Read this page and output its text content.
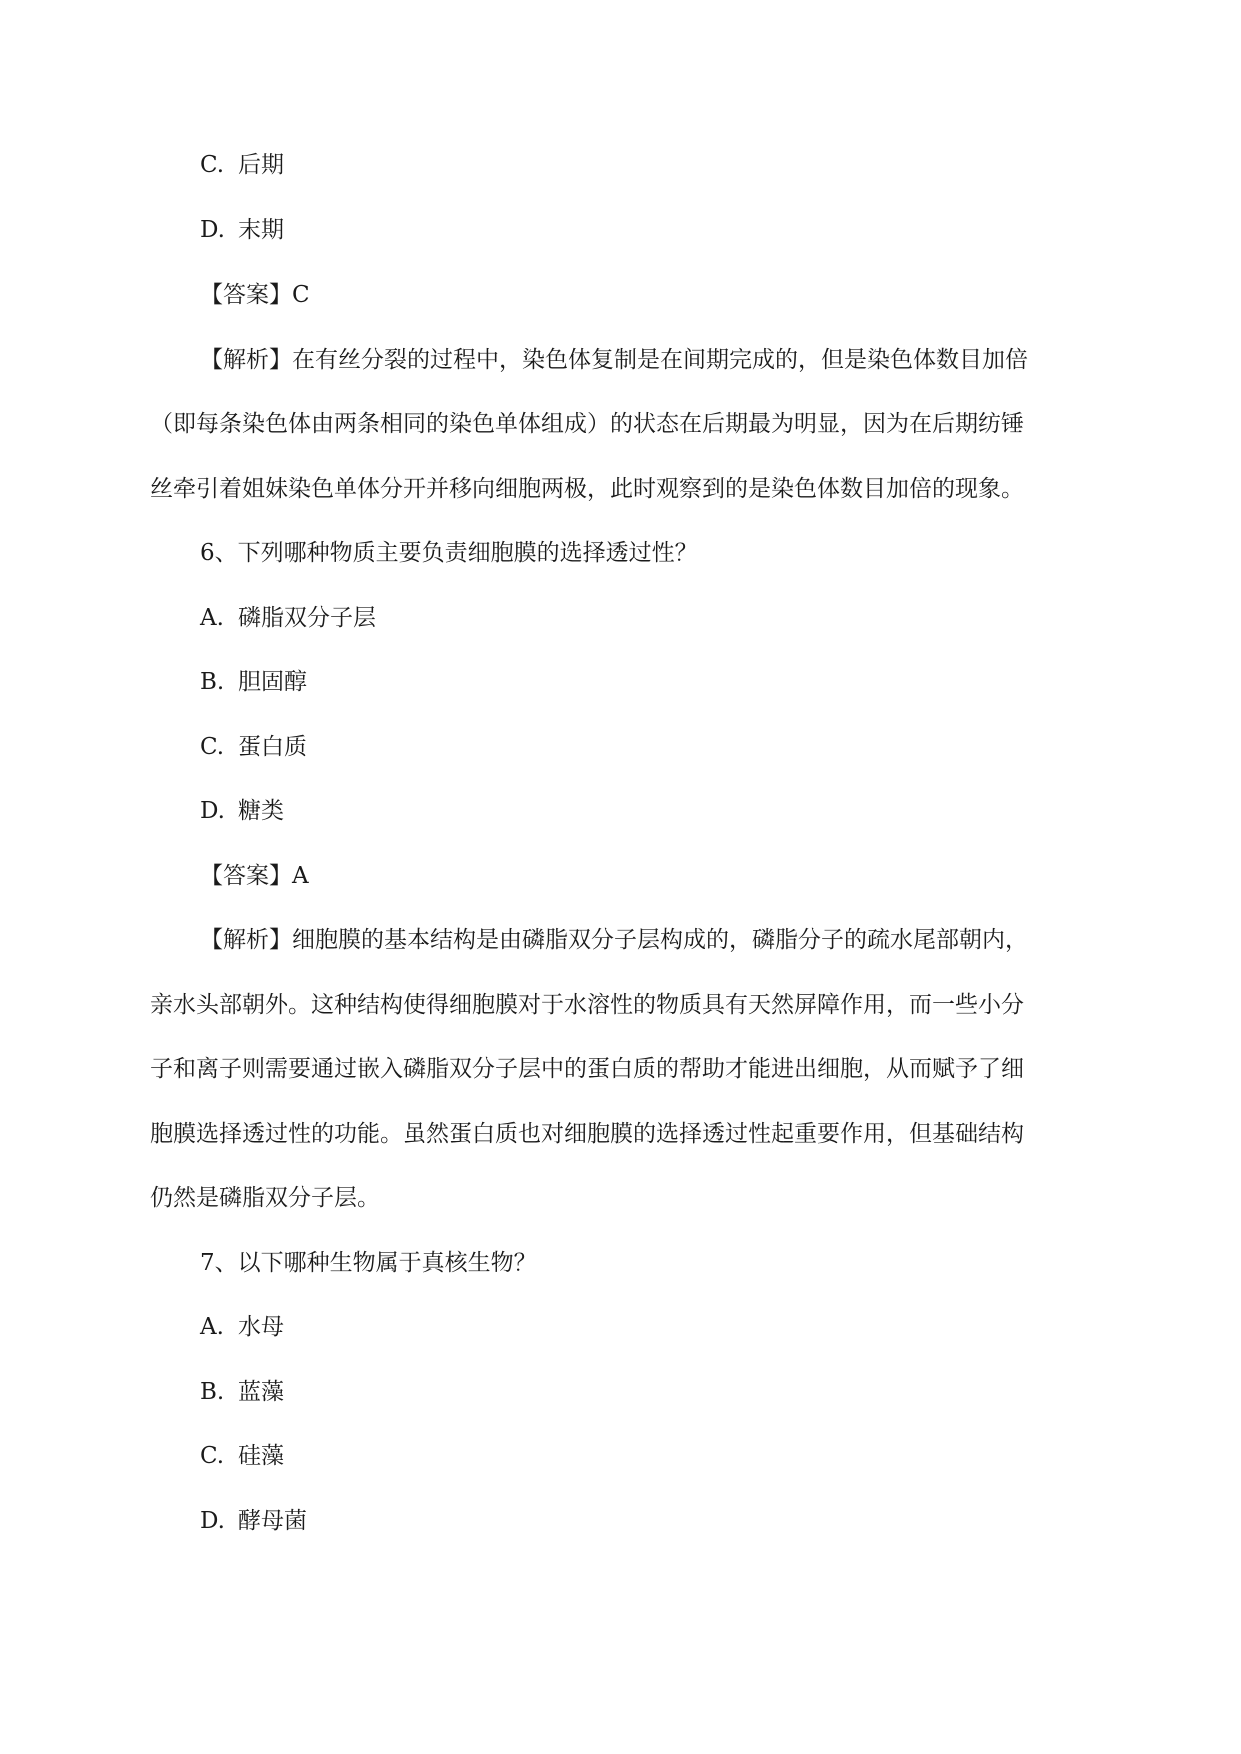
C. 后期
D. 末期
【答案】C
【解析】在有丝分裂的过程中，染色体复制是在间期完成的，但是染色体数目加倍
（即每条染色体由两条相同的染色单体组成）的状态在后期最为明显，因为在后期纺锤
丝牵引着姐妹染色单体分开并移向细胞两极，此时观察到的是染色体数目加倍的现象。
6、下列哪种物质主要负责细胞膜的选择透过性？
A. 磷脂双分子层
B. 胆固醇
C. 蛋白质
D. 糖类
【答案】A
【解析】细胞膜的基本结构是由磷脂双分子层构成的，磷脂分子的疏水尾部朝内，
亲水头部朝外。这种结构使得细胞膜对于水溶性的物质具有天然屏障作用，而一些小分
子和离子则需要通过嵌入磷脂双分子层中的蛋白质的帮助才能进出细胞，从而赋予了细
胞膜选择透过性的功能。虽然蛋白质也对细胞膜的选择透过性起重要作用，但基础结构
仍然是磷脂双分子层。
7、以下哪种生物属于真核生物？
A. 水母
B. 蓝藻
C. 硅藻
D. 酵母菌
